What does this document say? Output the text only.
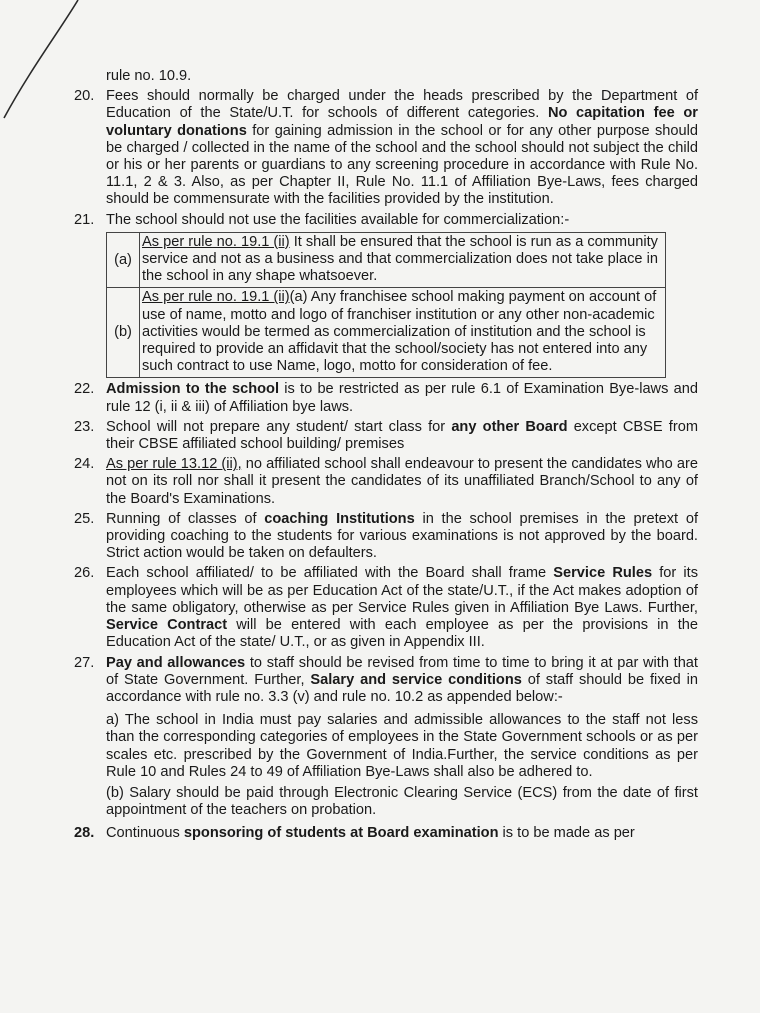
rule no. 10.9.
20. Fees should normally be charged under the heads prescribed by the Department of Education of the State/U.T. for schools of different categories. No capitation fee or voluntary donations for gaining admission in the school or for any other purpose should be charged / collected in the name of the school and the school should not subject the child or his or her parents or guardians to any screening procedure in accordance with Rule No. 11.1, 2 & 3. Also, as per Chapter II, Rule No. 11.1 of Affiliation Bye-Laws, fees charged should be commensurate with the facilities provided by the institution.
21. The school should not use the facilities available for commercialization:-
(a)	As per rule no. 19.1 (ii) It shall be ensured that the school is run as a community service and not as a business and that commercialization does not take place in the school in any shape whatsoever.
(b)	As per rule no. 19.1 (ii)(a) Any franchisee school making payment on account of use of name, motto and logo of franchiser institution or any other non-academic activities would be termed as commercialization of institution and the school is required to provide an affidavit that the school/society has not entered into any such contract to use Name, logo, motto for consideration of fee.
22. Admission to the school is to be restricted as per rule 6.1 of Examination Bye-laws and rule 12 (i, ii & iii) of Affiliation bye laws.
23. School will not prepare any student/ start class for any other Board except CBSE from their CBSE affiliated school building/ premises
24. As per rule 13.12 (ii), no affiliated school shall endeavour to present the candidates who are not on its roll nor shall it present the candidates of its unaffiliated Branch/School to any of the Board's Examinations.
25. Running of classes of coaching Institutions in the school premises in the pretext of providing coaching to the students for various examinations is not approved by the board. Strict action would be taken on defaulters.
26. Each school affiliated/ to be affiliated with the Board shall frame Service Rules for its employees which will be as per Education Act of the state/U.T., if the Act makes adoption of the same obligatory, otherwise as per Service Rules given in Affiliation Bye Laws. Further, Service Contract will be entered with each employee as per the provisions in the Education Act of the state/ U.T., or as given in Appendix III.
27. Pay and allowances to staff should be revised from time to time to bring it at par with that of State Government. Further, Salary and service conditions of staff should be fixed in accordance with rule no. 3.3 (v) and rule no. 10.2 as appended below:-
a) The school in India must pay salaries and admissible allowances to the staff not less than the corresponding categories of employees in the State Government schools or as per scales etc. prescribed by the Government of India.Further, the service conditions as per Rule 10 and Rules 24 to 49 of Affiliation Bye-Laws shall also be adhered to.
(b) Salary should be paid through Electronic Clearing Service (ECS) from the date of first appointment of the teachers on probation.
28. Continuous sponsoring of students at Board examination is to be made as per
